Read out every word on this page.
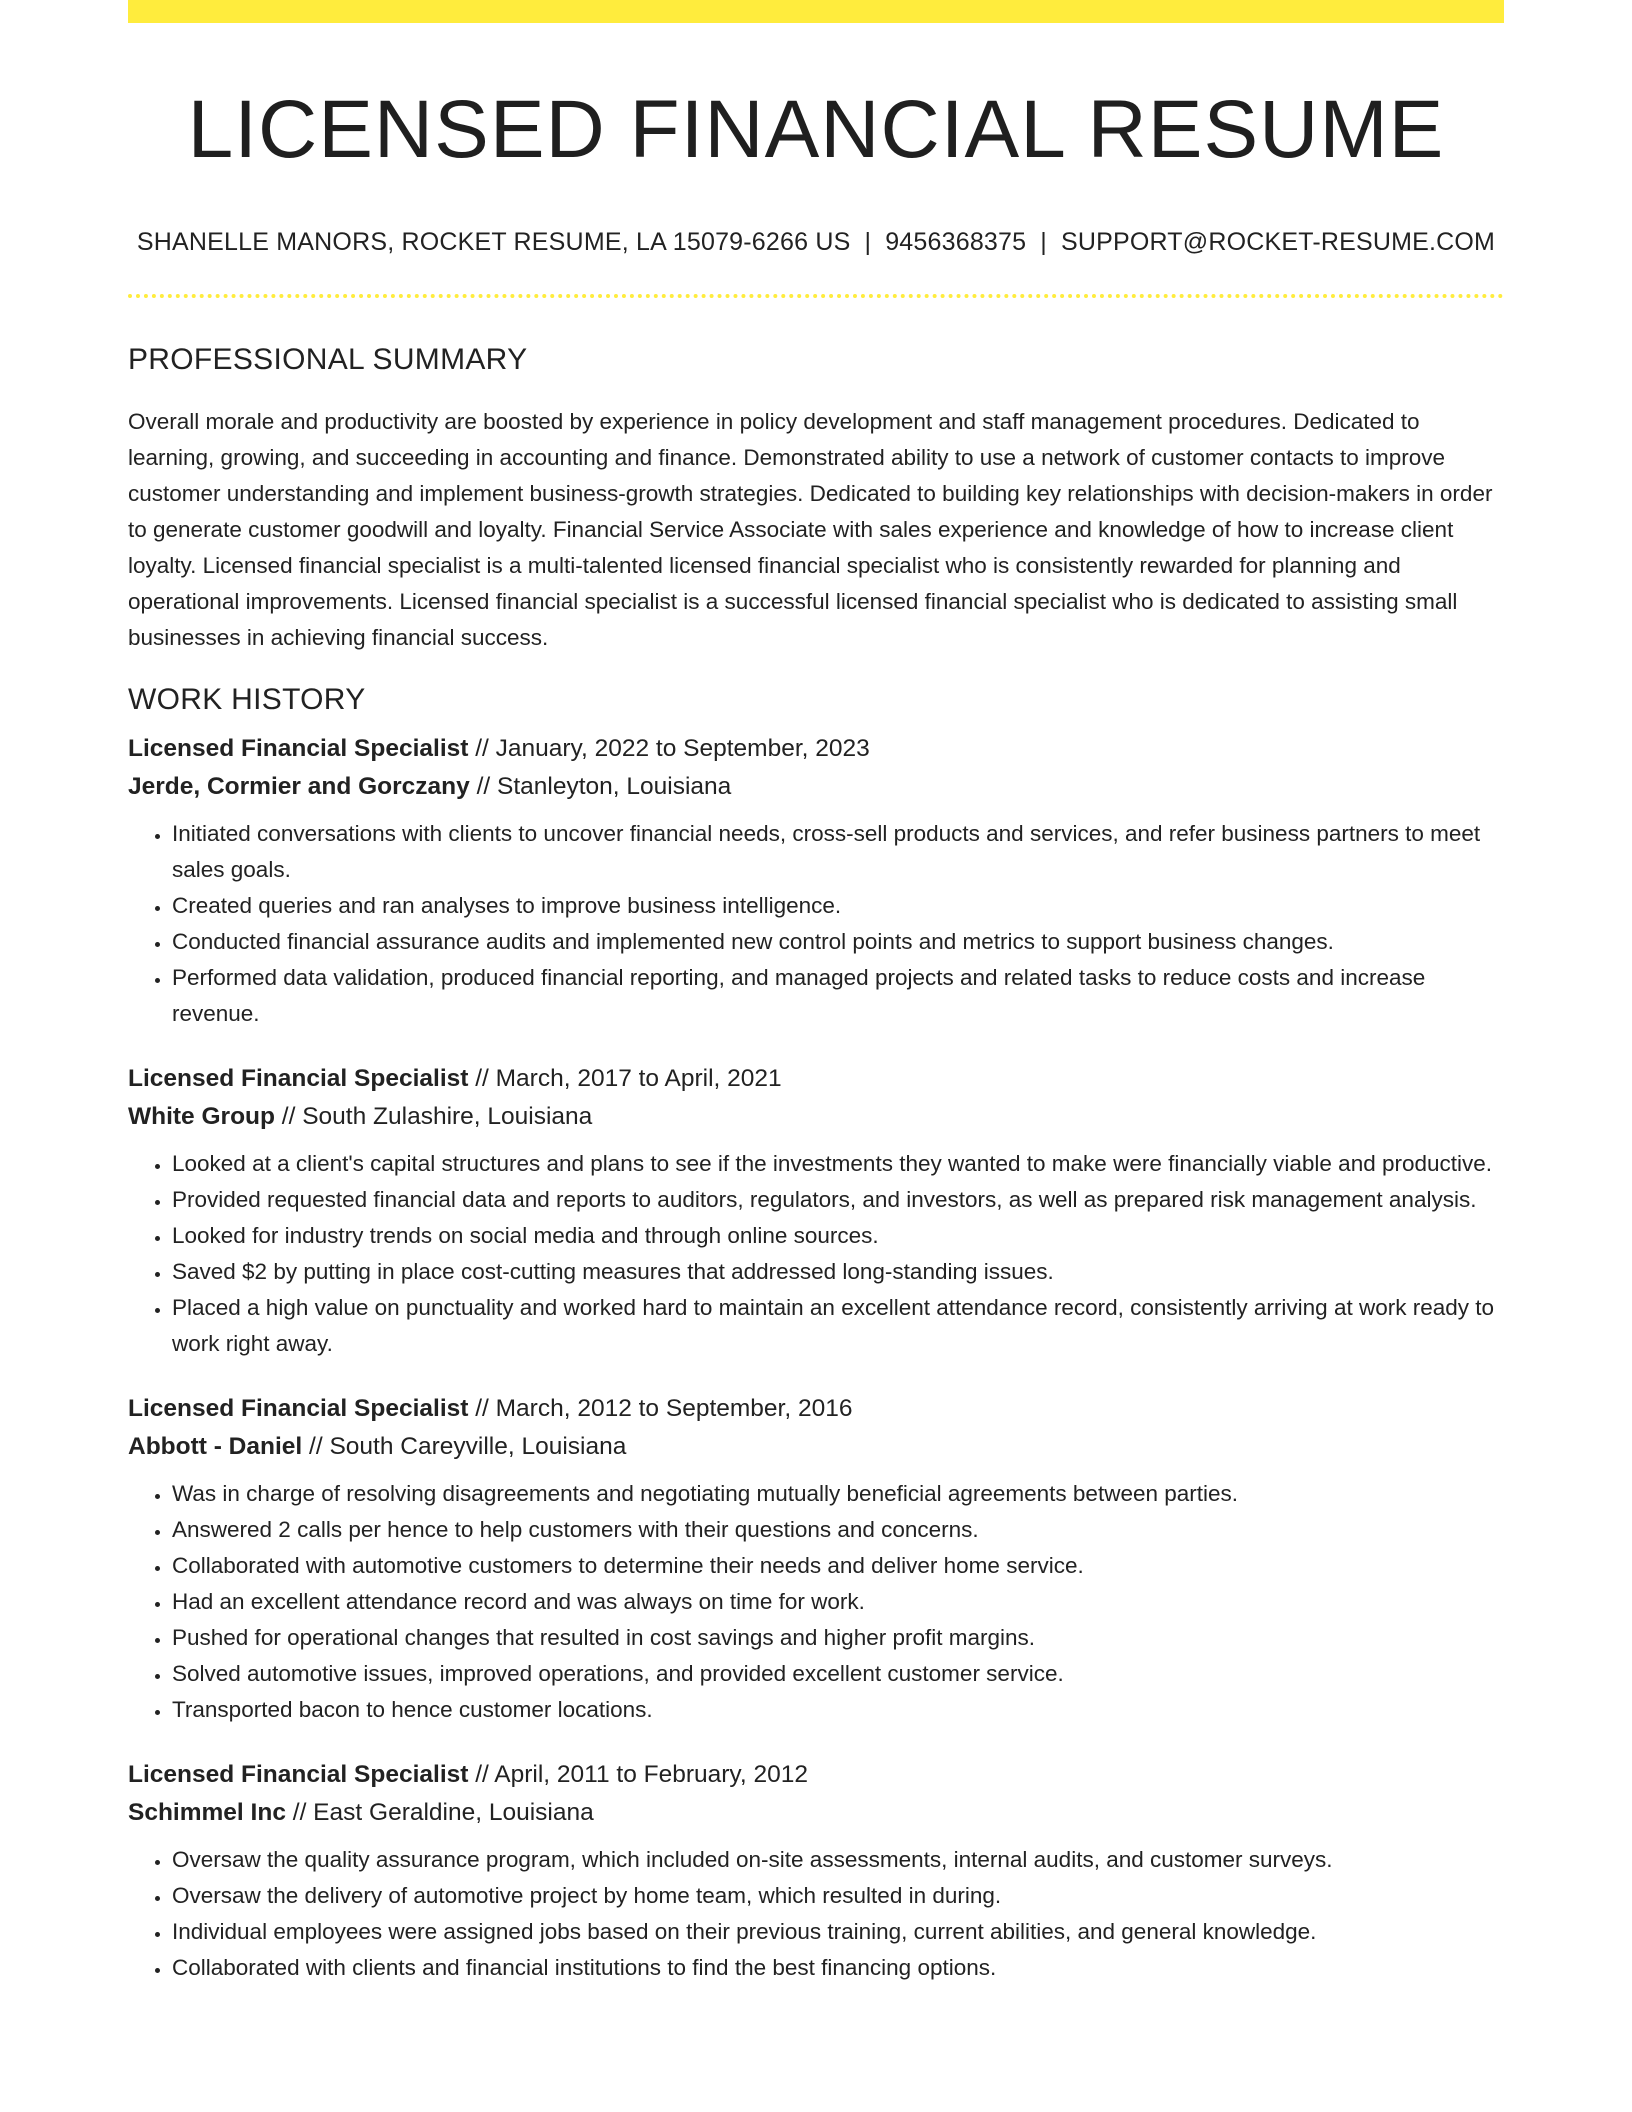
LICENSED FINANCIAL RESUME
SHANELLE MANORS, ROCKET RESUME, LA 15079-6266 US | 9456368375 | SUPPORT@ROCKET-RESUME.COM
PROFESSIONAL SUMMARY

Overall morale and productivity are boosted by experience in policy development and staff management procedures. Dedicated to learning, growing, and succeeding in accounting and finance. Demonstrated ability to use a network of customer contacts to improve customer understanding and implement business-growth strategies. Dedicated to building key relationships with decision-makers in order to generate customer goodwill and loyalty. Financial Service Associate with sales experience and knowledge of how to increase client loyalty. Licensed financial specialist is a multi-talented licensed financial specialist who is consistently rewarded for planning and operational improvements. Licensed financial specialist is a successful licensed financial specialist who is dedicated to assisting small businesses in achieving financial success.

WORK HISTORY
Licensed Financial Specialist // January, 2022 to September, 2023
Jerde, Cormier and Gorczany // Stanleyton, Louisiana
• Initiated conversations with clients to uncover financial needs, cross-sell products and services, and refer business partners to meet sales goals.
• Created queries and ran analyses to improve business intelligence.
• Conducted financial assurance audits and implemented new control points and metrics to support business changes.
• Performed data validation, produced financial reporting, and managed projects and related tasks to reduce costs and increase revenue.
Licensed Financial Specialist // March, 2017 to April, 2021
White Group // South Zulashire, Louisiana
• Looked at a client's capital structures and plans to see if the investments they wanted to make were financially viable and productive.
• Provided requested financial data and reports to auditors, regulators, and investors, as well as prepared risk management analysis.
• Looked for industry trends on social media and through online sources.
• Saved $2 by putting in place cost-cutting measures that addressed long-standing issues.
• Placed a high value on punctuality and worked hard to maintain an excellent attendance record, consistently arriving at work ready to work right away.
Licensed Financial Specialist // March, 2012 to September, 2016
Abbott - Daniel // South Careyville, Louisiana
• Was in charge of resolving disagreements and negotiating mutually beneficial agreements between parties.
• Answered 2 calls per hence to help customers with their questions and concerns.
• Collaborated with automotive customers to determine their needs and deliver home service.
• Had an excellent attendance record and was always on time for work.
• Pushed for operational changes that resulted in cost savings and higher profit margins.
• Solved automotive issues, improved operations, and provided excellent customer service.
• Transported bacon to hence customer locations.
Licensed Financial Specialist // April, 2011 to February, 2012
Schimmel Inc // East Geraldine, Louisiana
• Oversaw the quality assurance program, which included on-site assessments, internal audits, and customer surveys.
• Oversaw the delivery of automotive project by home team, which resulted in during.
• Individual employees were assigned jobs based on their previous training, current abilities, and general knowledge.
• Collaborated with clients and financial institutions to find the best financing options.
